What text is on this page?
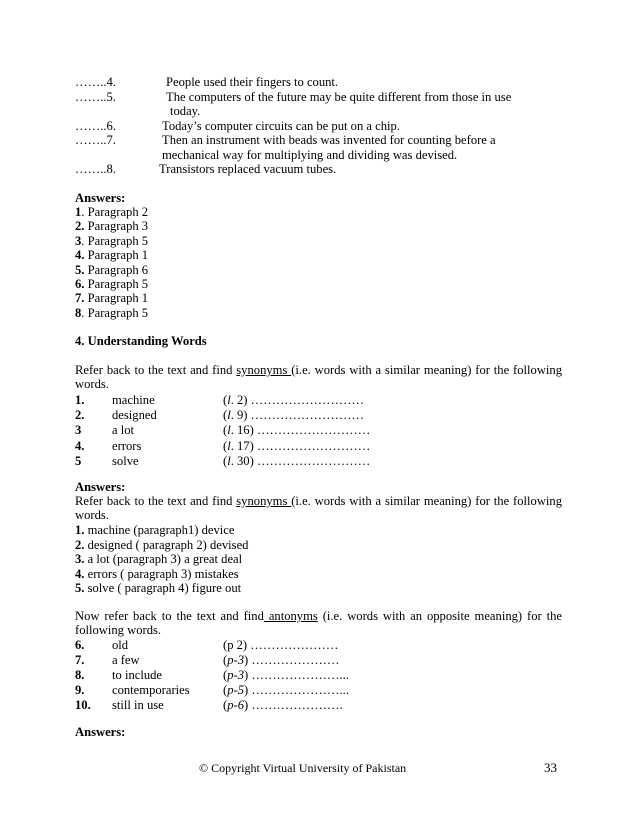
……..4.	People used their fingers to count.
……..5.	The computers of the future may be quite different from those in use
today.
……..6.	Today’s computer circuits can be put on a chip.
……..7.	Then an instrument with beads was invented for counting before a
mechanical way for multiplying and dividing was devised.
……..8.	Transistors replaced vacuum tubes.
Answers:
1. Paragraph 2
2. Paragraph 3
3. Paragraph 5
4. Paragraph 1
5. Paragraph 6
6. Paragraph 5
7. Paragraph 1
8. Paragraph 5
4. Understanding Words
Refer back to the text and find synonyms (i.e. words with a similar meaning) for the following
words.
1. machine	(l. 2) ………………………
2. designed	(l. 9) ………………………
3 a lot	(l. 16) ………………………
4. errors	(l. 17) ………………………
5 solve	(l. 30) ………………………
Answers:
Refer back to the text and find synonyms (i.e. words with a similar meaning) for the following
words.
1. machine (paragraph1) device
2. designed ( paragraph 2) devised
3. a lot (paragraph 3) a great deal
4. errors ( paragraph 3) mistakes
5. solve ( paragraph 4) figure out
Now refer back to the text and find antonyms (i.e. words with an opposite meaning) for the
following words.
6. old	(p 2) …………………
7. a few	(p-3) …………………
8. to include	(p-3) …………………...
9. contemporaries	(p-5) …………………...
10. still in use	(p-6) ………………….
Answers:
© Copyright Virtual University of Pakistan	33
